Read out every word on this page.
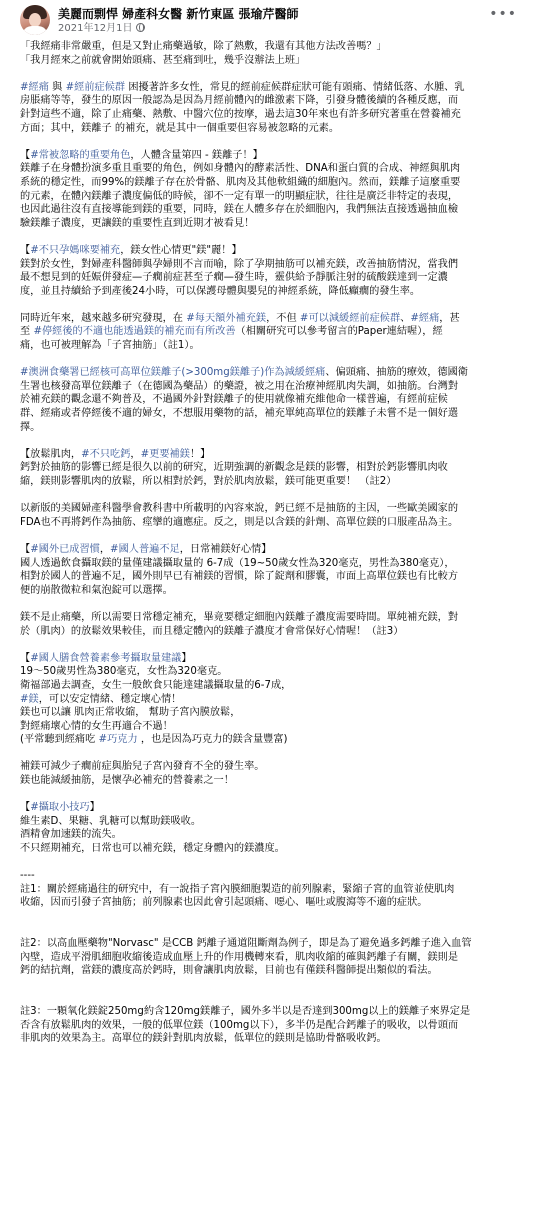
美麗而剽悍 婦產科女醫 新竹東區 張瑜芹醫師
2021年12月1日
•••
「我經痛非常嚴重，但是又對止痛藥過敏，除了熱敷，我還有其他方法改善嗎？」
「我月經來之前就會開始頭痛、甚至痛到吐，幾乎沒辦法上班」
#經痛 與 #經前症候群 困擾著許多女性，常見的經前症候群症狀可能有頭痛、情緒低落、水腫、乳
房脹痛等等，發生的原因一般認為是因為月經前體內的雌激素下降，引發身體後續的各種反應，而
針對這些不適，除了止痛藥、熱敷、中醫穴位的按摩，過去這30年來也有許多研究著重在營養補充
方面；其中，鎂離子 的補充，就是其中一個重要但容易被忽略的元素。
【#常被忽略的重要角色，人體含量第四 - 鎂離子！】
鎂離子在身體扮演多重且重要的角色，例如身體內的酵素活性、DNA和蛋白質的合成、神經與肌肉
系統的穩定性，而99%的鎂離子存在於骨骼、肌肉及其他軟組織的細胞內。然而，鎂離子這麼重要
的元素，在體內鎂離子濃度偏低的時候，卻不一定有單一的明顯症狀，往往是廣泛非特定的表現，
也因此過往沒有直接導能到鎂的重要，同時，鎂在人體多存在於細胞內，我們無法直接透過抽血檢
驗鎂離子濃度，更讓鎂的重要性直到近期才被看見！
【#不只孕媽咪要補充，鎂女性心情更"鎂"麗！】
鎂對於女性，對婦產科醫師與孕婦則不言而喻，除了孕期抽筋可以補充鎂，改善抽筋情況，當我們
最不想見到的妊娠併發症—子癇前症甚至子癇—發生時，靈供給予靜脈注射的硫酸鎂達到一定濃
度，並且持續給予到產後24小時，可以保護母體與嬰兒的神經系統，降低癲癇的發生率。
同時近年來，越來越多研究發現，在 #每天額外補充鎂，不但 #可以減緩經前症候群、#經痛，甚
至 #停經後的不適也能透過鎂的補充而有所改善（相關研究可以參考留言的Paper連結喔），經
痛，也可被理解為「子宮抽筋」（註1）。
#澳洲食藥署已經核可高單位鎂離子(>300mg鎂離子)作為減緩經痛、偏頭痛、抽筋的療效，德國衛
生署也核發高單位鎂離子（在德國為藥品）的藥證，被之用在治療神經肌肉失調，如抽筋。台灣對
於補充鎂的觀念還不夠普及，不過國外針對鎂離子的使用就像補充維他命一樣普遍，有經前症候
群、經痛或者停經後不適的婦女，不想服用藥物的話，補充單純高單位的鎂離子未嘗不是一個好選
擇。
【放鬆肌肉，#不只吃鈣，#更要補鎂！】
鈣對於抽筋的影響已經是很久以前的研究，近期強調的新觀念是鎂的影響，相對於鈣影響肌肉收
縮，鎂則影響肌肉的放鬆，所以相對於鈣，對於肌肉放鬆，鎂可能更重要！ （註2）
以新版的美國婦產科醫學會教科書中所載明的內容來說，鈣已經不是抽筋的主因，一些歐美國家的
FDA也不再將鈣作為抽筋、痙攣的適應症。反之，則是以含鎂的針劑、高單位鎂的口服產品為主。
【#國外已成習慣，#國人普遍不足，日常補鎂好心情】
國人透過飲食攝取鎂的量僅建議攝取量的 6-7成（19~50歲女性為320毫克，男性為380毫克），
相對於國人的普遍不足，國外則早已有補鎂的習慣，除了錠劑和膠囊，市面上高單位鎂也有比較方
便的崩散微粒和氣泡錠可以選擇。
鎂不是止痛藥，所以需要日常穩定補充，畢竟要穩定細胞內鎂離子濃度需要時間。單純補充鎂，對
於（肌肉）的放鬆效果較佳，而且穩定體內的鎂離子濃度才會常保好心情喔！（註3）
【#國人膳食營養素參考攝取量建議】
19～50歲男性為380毫克，女性為320毫克。
衛福部過去調查，女生一般飲食只能達建議攝取量的6-7成，
#鎂，可以安定情緒、穩定壞心情！
鎂也可以讓 肌肉正常收縮， 幫助子宮內膜放鬆，
對經痛壞心情的女生再適合不過！
(平常聽到經痛吃 #巧克力 ，也是因為巧克力的鎂含量豐富)
補鎂可減少子癇前症與胎兒子宮內發育不全的發生率。
鎂也能減緩抽筋，是懷孕必補充的營養素之一！
【#攝取小技巧】
維生素D、果糖、乳糖可以幫助鎂吸收。
酒精會加速鎂的流失。
不只經期補充，日常也可以補充鎂，穩定身體內的鎂濃度。
----
註1：關於經痛過往的研究中，有一說指子宮內膜細胞製造的前列腺素，緊縮子宮的血管並使肌肉
收縮，因而引發子宮抽筋；前列腺素也因此會引起頭痛、噁心、嘔吐或腹瀉等不適的症狀。
註2：以高血壓藥物"Norvasc" 是CCB 鈣離子通道阻斷劑為例子，即是為了避免過多鈣離子進入血管
內壁，造成平滑肌細胞收縮後造成血壓上升的作用機轉來看，肌肉收縮的確與鈣離子有關，鎂則是
鈣的結抗劑，當鎂的濃度高於鈣時，則會讓肌肉放鬆，目前也有僅鎂科醫師提出類似的看法。
註3：一顆氧化鎂錠250mg約含120mg鎂離子，國外多半以是否達到300mg以上的鎂離子來界定是
否含有放鬆肌肉的效果，一般的低單位鎂（100mg以下），多半仍是配合鈣離子的吸收，以骨頭而
非肌肉的效果為主。高單位的鎂針對肌肉放鬆，低單位的鎂則是協助骨骼吸收鈣。
